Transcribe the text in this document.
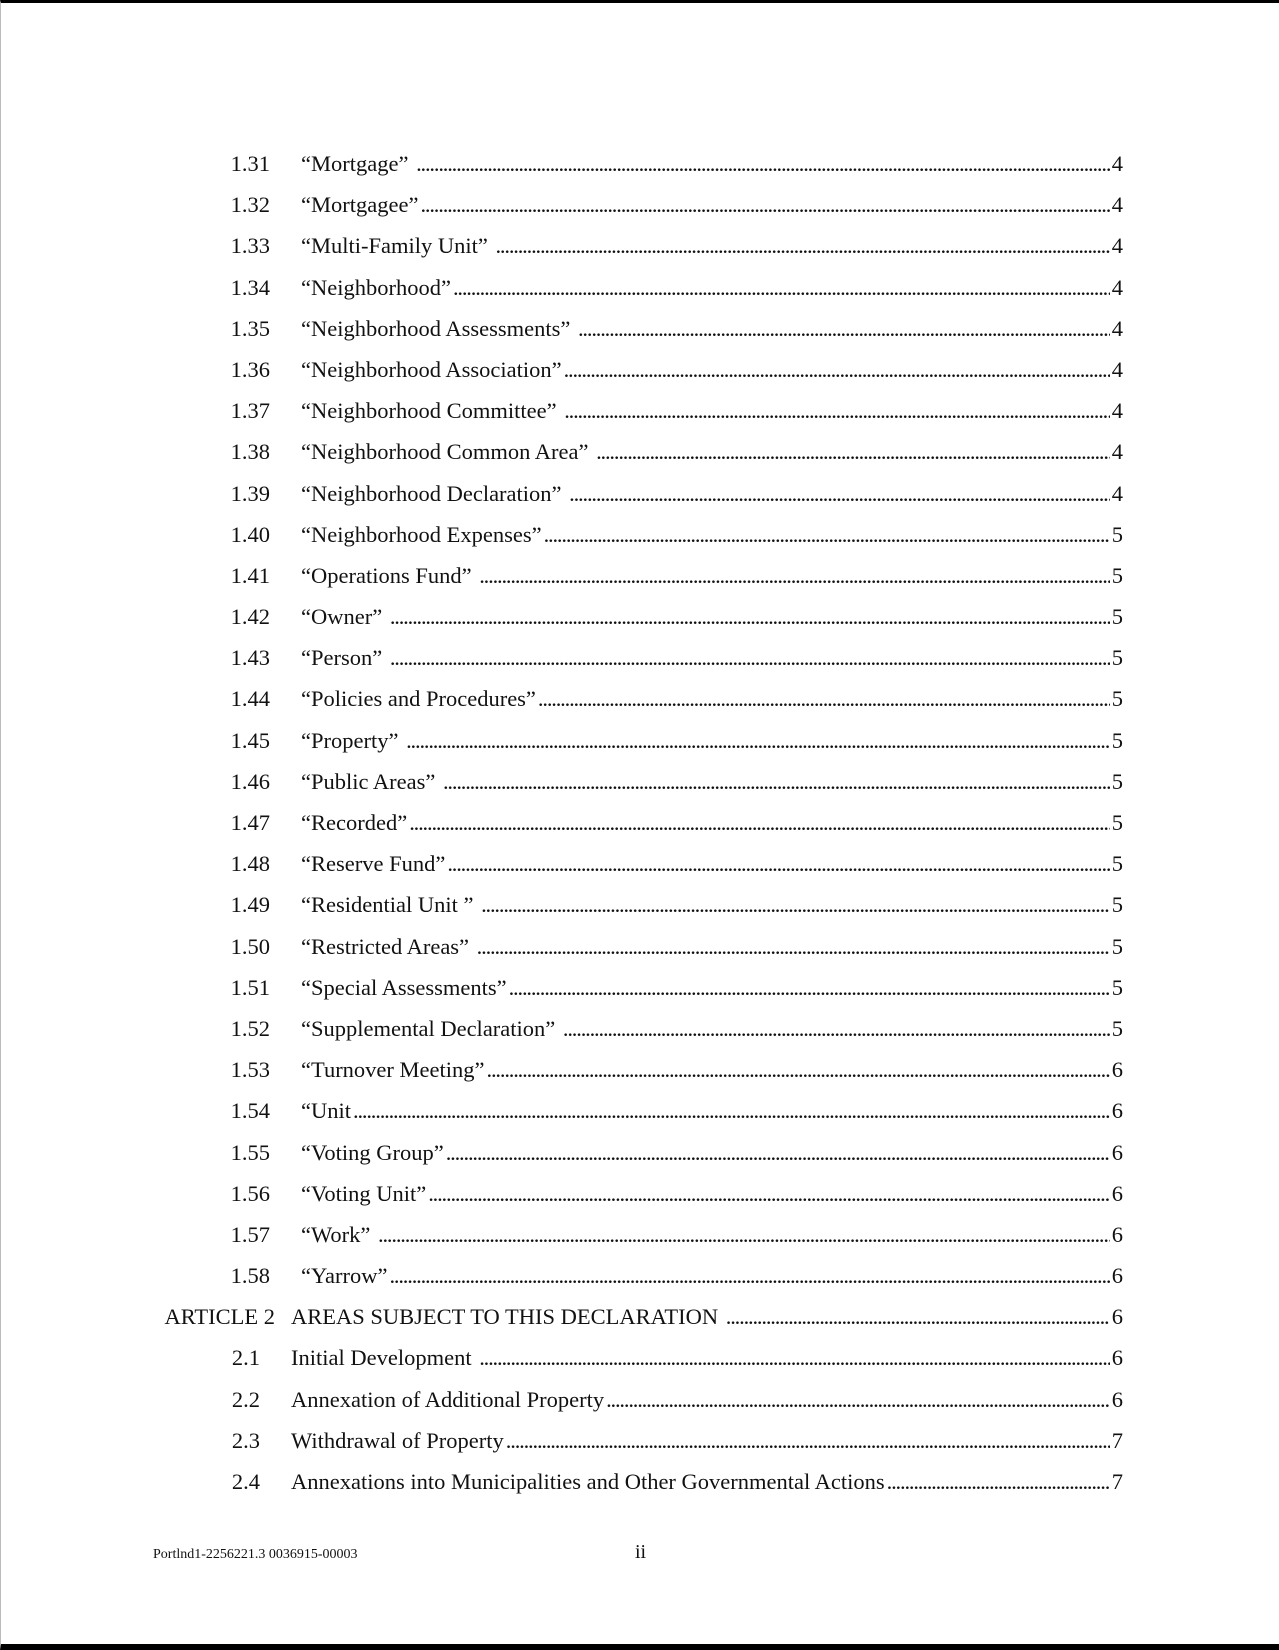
1.31 “Mortgage” . . .	4
1.32 “Mortgagee” . . .	4
1.33 “Multi-Family Unit” . . .	4
1.34 “Neighborhood” . . .	4
1.35 “Neighborhood Assessments” . . .	4
1.36 “Neighborhood Association” . . .	4
1.37 “Neighborhood Committee” . . .	4
1.38 “Neighborhood Common Area” . . .	4
1.39 “Neighborhood Declaration” . . .	4
1.40 “Neighborhood Expenses” . . .	5
1.41 “Operations Fund” . . .	5
1.42 “Owner” . . .	5
1.43 “Person” . . .	5
1.44 “Policies and Procedures” . . .	5
1.45 “Property” . . .	5
1.46 “Public Areas” . . .	5
1.47 “Recorded” . . .	5
1.48 “Reserve Fund” . . .	5
1.49 “Residential Unit ” . . .	5
1.50 “Restricted Areas” . . .	5
1.51 “Special Assessments” . . .	5
1.52 “Supplemental Declaration” . . .	5
1.53 “Turnover Meeting” . . .	6
1.54 “Unit . . .	6
1.55 “Voting Group” . . .	6
1.56 “Voting Unit” . . .	6
1.57 “Work” . . .	6
1.58 “Yarrow” . . .	6
ARTICLE 2 AREAS SUBJECT TO THIS DECLARATION . . .	6
2.1 Initial Development . . .	6
2.2 Annexation of Additional Property . . .	6
2.3 Withdrawal of Property . . .	7
2.4 Annexations into Municipalities and Other Governmental Actions . . .	7
Portlnd1-2256221.3 0036915-00003	ii
